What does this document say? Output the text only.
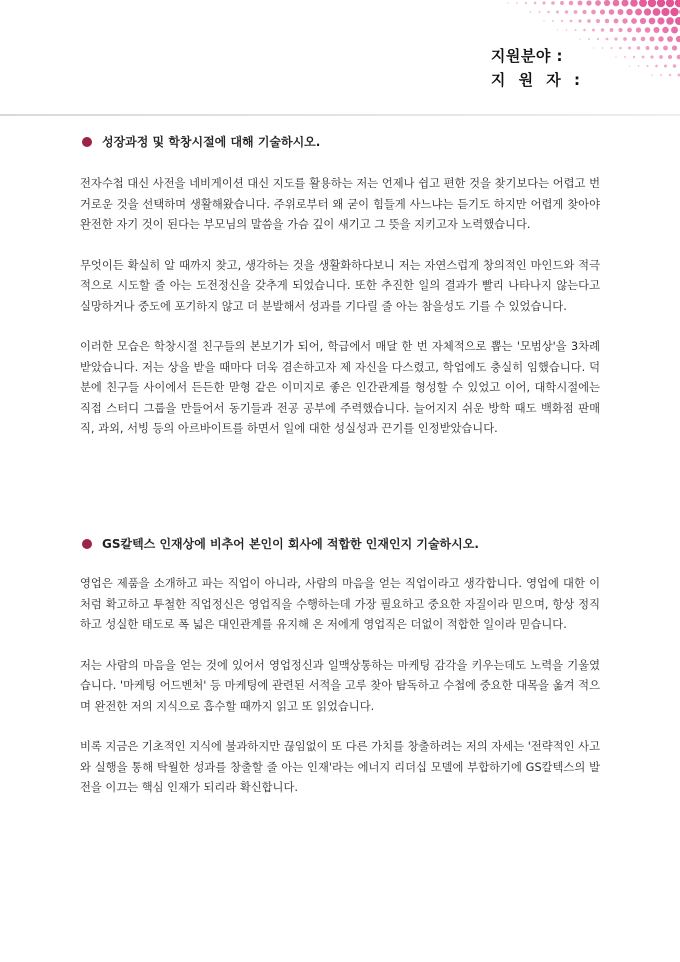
지원분야 :
지 원 자 :
성장과정 및 학창시절에 대해 기술하시오.

전자수첩 대신 사전을 네비게이션 대신 지도를 활용하는 저는 언제나 쉽고 편한 것을 찾기보다는 어렵고 번거로운 것을 선택하며 생활해왔습니다. 주위로부터 왜 굳이 힘들게 사느냐는 듣기도 하지만 어렵게 찾아야 완전한 자기 것이 된다는 부모님의 말씀을 가슴 깊이 새기고 그 뜻을 지키고자 노력했습니다.

무엇이든 확실히 알 때까지 찾고, 생각하는 것을 생활화하다보니 저는 자연스럽게 창의적인 마인드와 적극적으로 시도할 줄 아는 도전정신을 갖추게 되었습니다. 또한 추진한 일의 결과가 빨리 나타나지 않는다고 실망하거나 중도에 포기하지 않고 더 분발해서 성과를 기다릴 줄 아는 참을성도 기를 수 있었습니다.

이러한 모습은 학창시절 친구들의 본보기가 되어, 학급에서 매달 한 번 자체적으로 뽑는 '모범상'을 3차례 받았습니다. 저는 상을 받을 때마다 더욱 겸손하고자 제 자신을 다스렸고, 학업에도 충실히 임했습니다. 덕분에 친구들 사이에서 든든한 맏형 같은 이미지로 좋은 인간관계를 형성할 수 있었고 이어, 대학시절에는 직접 스터디 그룹을 만들어서 동기들과 전공 공부에 주력했습니다. 늘어지지 쉬운 방학 때도 백화점 판매직, 과외, 서빙 등의 아르바이트를 하면서 일에 대한 성실성과 끈기를 인정받았습니다.

GS칼텍스 인재상에 비추어 본인이 회사에 적합한 인재인지 기술하시오.

영업은 제품을 소개하고 파는 직업이 아니라, 사람의 마음을 얻는 직업이라고 생각합니다. 영업에 대한 이처럼 확고하고 투철한 직업정신은 영업직을 수행하는데 가장 필요하고 중요한 자질이라 믿으며, 항상 정직하고 성실한 태도로 폭 넓은 대인관계를 유지해 온 저에게 영업직은 더없이 적합한 일이라 믿습니다.

저는 사람의 마음을 얻는 것에 있어서 영업정신과 일맥상통하는 마케팅 감각을 키우는데도 노력을 기울였습니다. '마케팅 어드벤처' 등 마케팅에 관련된 서적을 고루 찾아 탐독하고 수첩에 중요한 대목을 옮겨 적으며 완전한 저의 지식으로 흡수할 때까지 읽고 또 읽었습니다.

비록 지금은 기초적인 지식에 불과하지만 끊임없이 또 다른 가치를 창출하려는 저의 자세는 '전략적인 사고와 실행을 통해 탁월한 성과를 창출할 줄 아는 인재'라는 에너지 리더십 모델에 부합하기에 GS칼텍스의 발전을 이끄는 핵심 인재가 되리라 확신합니다.
